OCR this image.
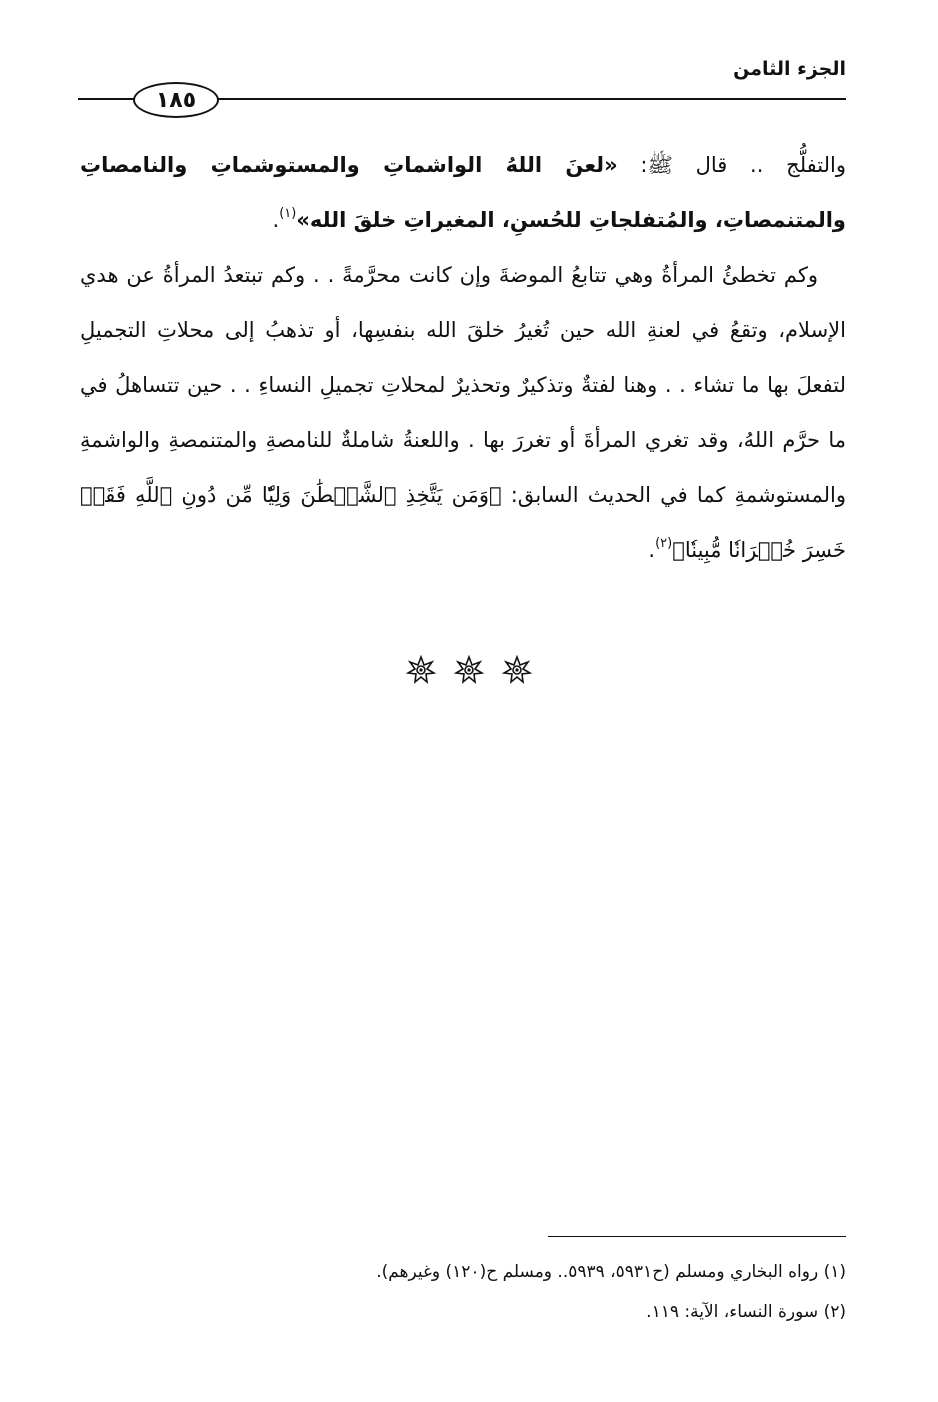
الجزء الثامن
١٨٥

والتفلُّج .. قال ﷺ: «لعنَ اللهُ الواشماتِ والمستوشماتِ والنامصاتِ والمتنمصاتِ، والمُتفلجاتِ للحُسنِ، المغيراتِ خلقَ الله»$^{(١)}$.

وكم تخطئُ المرأةُ وهي تتابعُ الموضةَ وإن كانت محرَّمةً . . وكم تبتعدُ المرأةُ عن هدي الإسلام، وتقعُ في لعنةِ الله حين تُغيرُ خلقَ الله بنفسِها، أو تذهبُ إلى محلاتِ التجميلِ لتفعلَ بها ما تشاء . . وهنا لفتةٌ وتذكيرٌ وتحذيرٌ لمحلاتِ تجميلِ النساءِ . . حين تتساهلُ في ما حرَّم اللهُ، وقد تغري المرأةَ أو تغررَ بها . واللعنةُ شاملةٌ للنامصةِ والمتنمصةِ والواشمةِ والمستوشمةِ كما في الحديث السابق: ﴿وَمَن يَتَّخِذِ ٱلشَّيۡطَٰنَ وَلِيّٗا مِّن دُونِ ٱللَّهِ فَقَدۡ خَسِرَ خُسۡرَانٗا مُّبِينٗا﴾$^{(٢)}$.

(١) رواه البخاري ومسلم (ح٥٩٣١، ٥٩٣٩.. ومسلم ح(١٢٠) وغيرهم).

(٢) سورة النساء، الآية: ١١٩.
